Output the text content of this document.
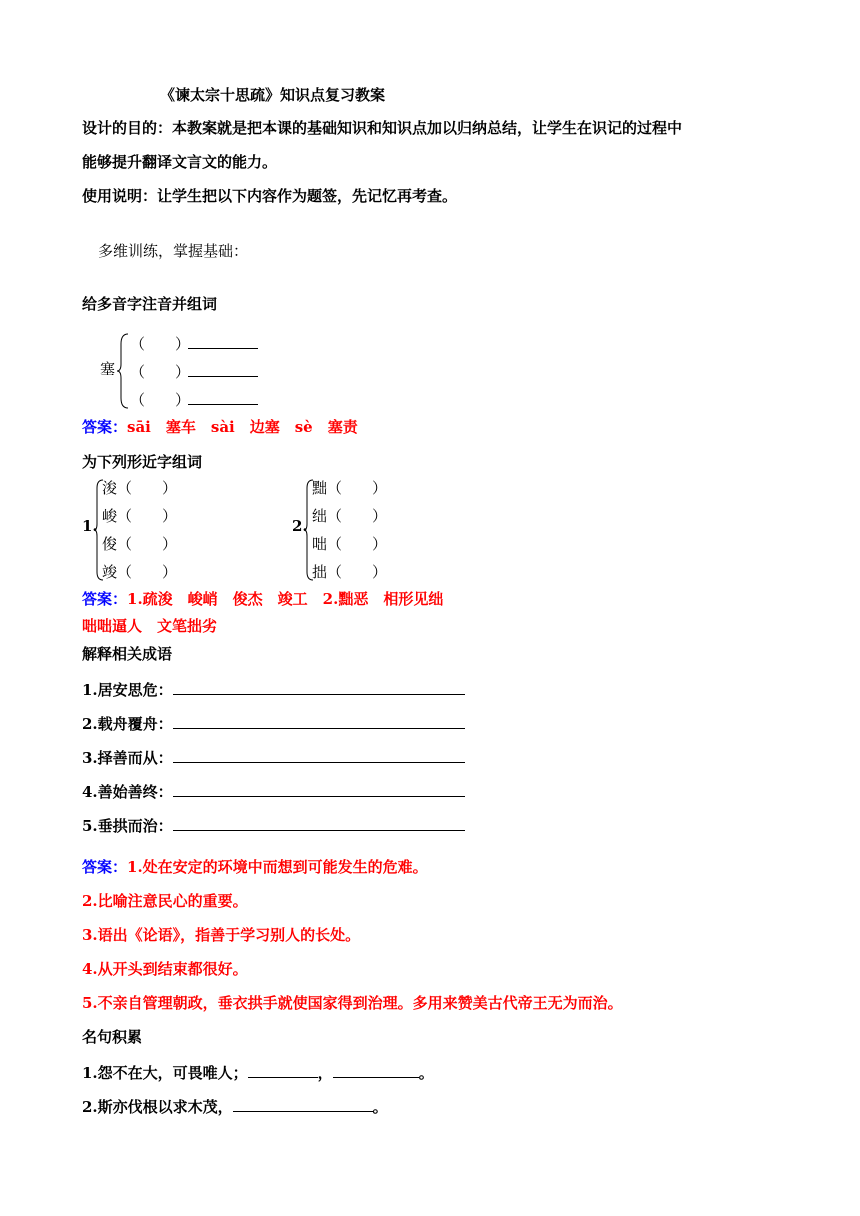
《谏太宗十思疏》知识点复习教案
设计的目的：本教案就是把本课的基础知识和知识点加以归纳总结，让学生在识记的过程中
能够提升翻译文言文的能力。
使用说明：让学生把以下内容作为题签，先记忆再考查。
多维训练，掌握基础：
给多音字注音并组词
塞
（　　 ）
（　　 ）
（　　 ）
答案：sāi　塞车　sài　边塞　sè　塞责
为下列形近字组词
1.
浚（　　 ）
峻（　　 ）
俊（　　 ）
竣（　　 ）
2.
黜（　　 ）
绌（　　 ）
咄（　　 ）
拙（　　 ）
答案：1.疏浚　峻峭　俊杰　竣工　2.黜恶　相形见绌
咄咄逼人　文笔拙劣
解释相关成语
1.居安思危：
2.载舟覆舟：
3.择善而从：
4.善始善终：
5.垂拱而治：
答案：1.处在安定的环境中而想到可能发生的危难。
2.比喻注意民心的重要。
3.语出《论语》，指善于学习别人的长处。
4.从开头到结束都很好。
5.不亲自管理朝政，垂衣拱手就使国家得到治理。多用来赞美古代帝王无为而治。
名句积累
1.怨不在大，可畏唯人；	，	。
2.斯亦伐根以求木茂，	。
